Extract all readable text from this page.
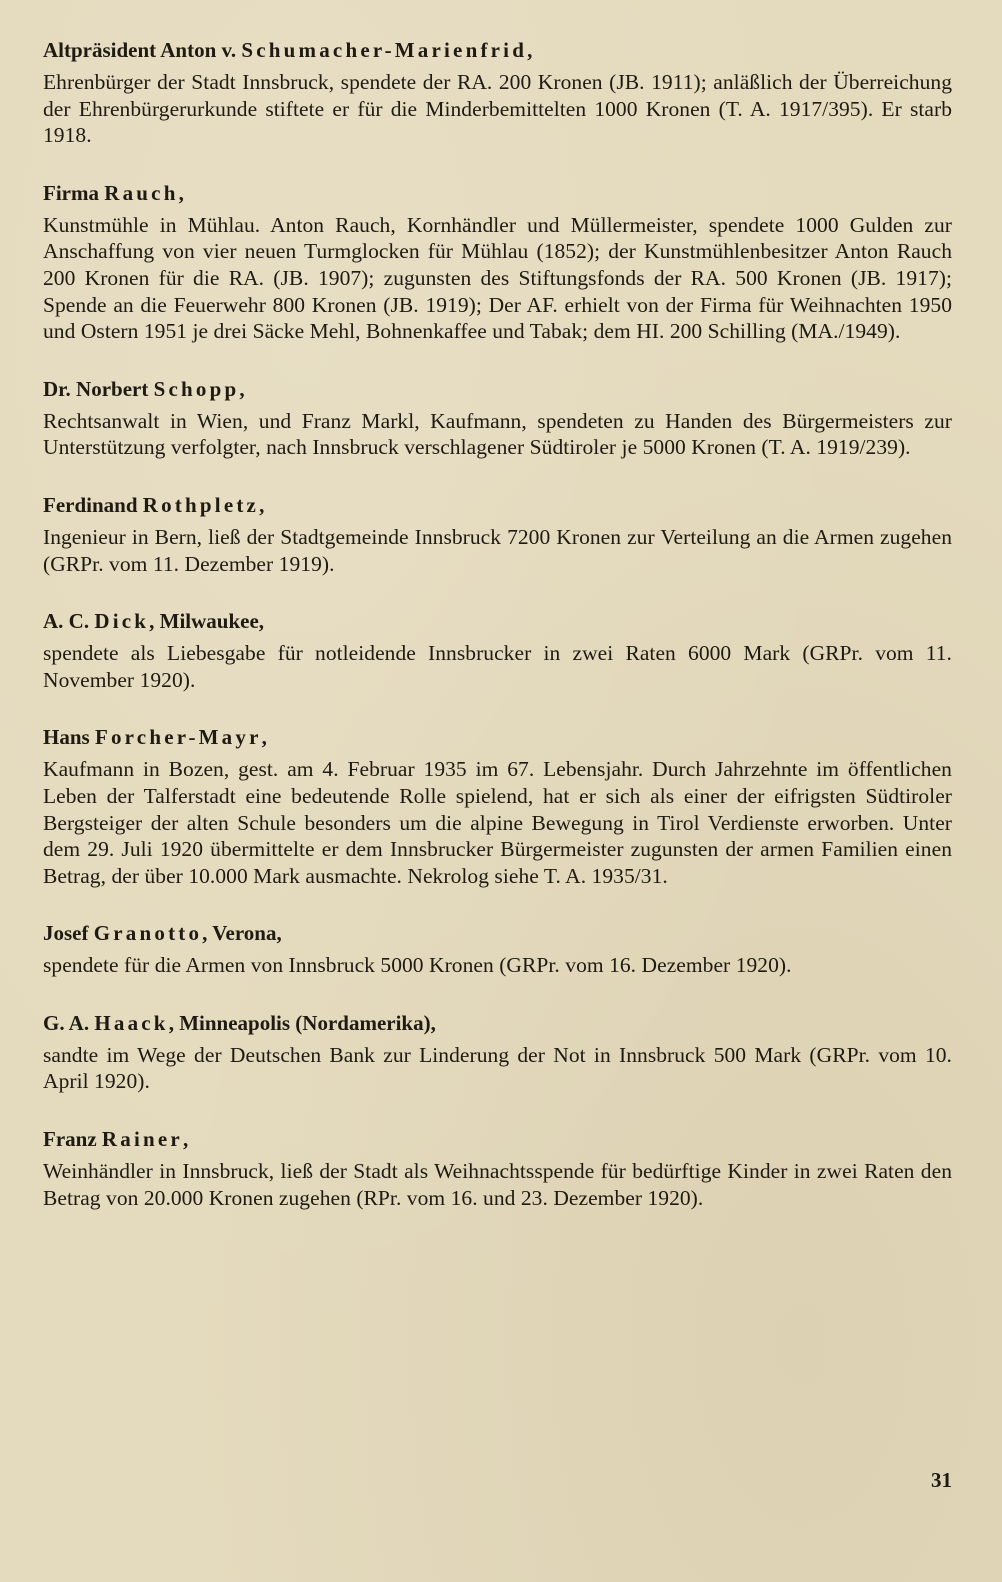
Altpräsident Anton v. Schumacher-Marienfrid,

Ehrenbürger der Stadt Innsbruck, spendete der RA. 200 Kronen (JB. 1911); anläßlich der Überreichung der Ehrenbürgerurkunde stiftete er für die Minderbemittelten 1000 Kronen (T. A. 1917/395). Er starb 1918.

Firma Rauch,

Kunstmühle in Mühlau. Anton Rauch, Kornhändler und Müllermeister, spendete 1000 Gulden zur Anschaffung von vier neuen Turmglocken für Mühlau (1852); der Kunstmühlenbesitzer Anton Rauch 200 Kronen für die RA. (JB. 1907); zugunsten des Stiftungsfonds der RA. 500 Kronen (JB. 1917); Spende an die Feuerwehr 800 Kronen (JB. 1919); Der AF. erhielt von der Firma für Weihnachten 1950 und Ostern 1951 je drei Säcke Mehl, Bohnenkaffee und Tabak; dem HI. 200 Schilling (MA./1949).

Dr. Norbert Schopp,

Rechtsanwalt in Wien, und Franz Markl, Kaufmann, spendeten zu Handen des Bürgermeisters zur Unterstützung verfolgter, nach Innsbruck verschlagener Südtiroler je 5000 Kronen (T. A. 1919/239).

Ferdinand Rothpletz,

Ingenieur in Bern, ließ der Stadtgemeinde Innsbruck 7200 Kronen zur Verteilung an die Armen zugehen (GRPr. vom 11. Dezember 1919).

A. C. Dick, Milwaukee,

spendete als Liebesgabe für notleidende Innsbrucker in zwei Raten 6000 Mark (GRPr. vom 11. November 1920).

Hans Forcher-Mayr,

Kaufmann in Bozen, gest. am 4. Februar 1935 im 67. Lebensjahr. Durch Jahrzehnte im öffentlichen Leben der Talferstadt eine bedeutende Rolle spielend, hat er sich als einer der eifrigsten Südtiroler Bergsteiger der alten Schule besonders um die alpine Bewegung in Tirol Verdienste erworben. Unter dem 29. Juli 1920 übermittelte er dem Innsbrucker Bürgermeister zugunsten der armen Familien einen Betrag, der über 10.000 Mark ausmachte. Nekrolog siehe T. A. 1935/31.

Josef Granotto, Verona,

spendete für die Armen von Innsbruck 5000 Kronen (GRPr. vom 16. Dezember 1920).

G. A. Haack, Minneapolis (Nordamerika),

sandte im Wege der Deutschen Bank zur Linderung der Not in Innsbruck 500 Mark (GRPr. vom 10. April 1920).

Franz Rainer,

Weinhändler in Innsbruck, ließ der Stadt als Weihnachtsspende für bedürftige Kinder in zwei Raten den Betrag von 20.000 Kronen zugehen (RPr. vom 16. und 23. Dezember 1920).

31
